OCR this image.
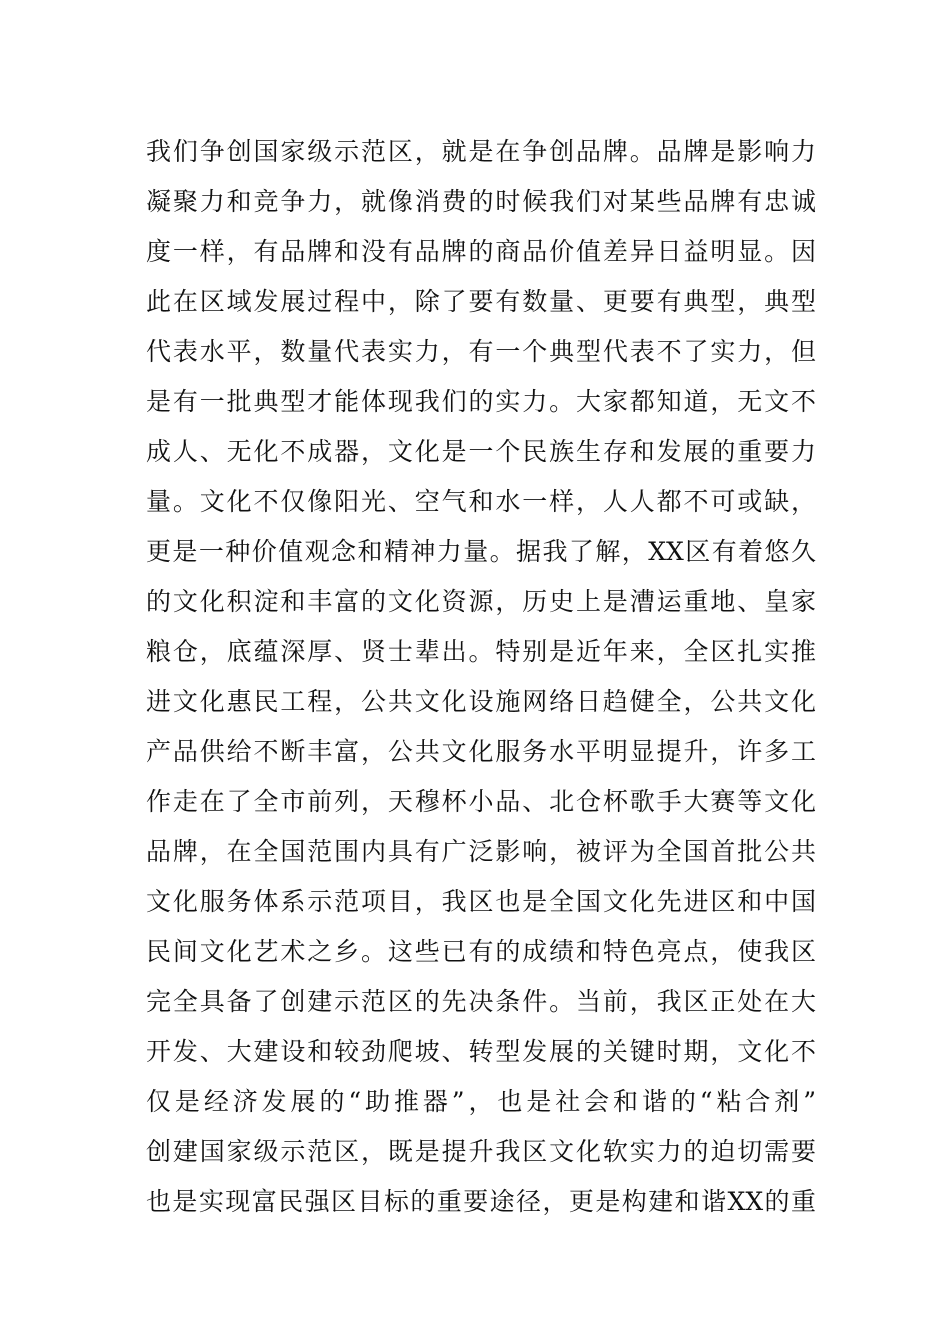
我们争创国家级示范区，就是在争创品牌。品牌是影响力
凝聚力和竞争力，就像消费的时候我们对某些品牌有忠诚
度一样，有品牌和没有品牌的商品价值差异日益明显。因
此在区域发展过程中，除了要有数量、更要有典型，典型
代表水平，数量代表实力，有一个典型代表不了实力，但
是有一批典型才能体现我们的实力。大家都知道，无文不
成人、无化不成器，文化是一个民族生存和发展的重要力
量。文化不仅像阳光、空气和水一样，人人都不可或缺，
更是一种价值观念和精神力量。据我了解，XX区有着悠久
的文化积淀和丰富的文化资源，历史上是漕运重地、皇家
粮仓，底蕴深厚、贤士辈出。特别是近年来，全区扎实推
进文化惠民工程，公共文化设施网络日趋健全，公共文化
产品供给不断丰富，公共文化服务水平明显提升，许多工
作走在了全市前列，天穆杯小品、北仓杯歌手大赛等文化
品牌，在全国范围内具有广泛影响，被评为全国首批公共
文化服务体系示范项目，我区也是全国文化先进区和中国
民间文化艺术之乡。这些已有的成绩和特色亮点，使我区
完全具备了创建示范区的先决条件。当前，我区正处在大
开发、大建设和较劲爬坡、转型发展的关键时期，文化不
仅是经济发展的“助推器”，也是社会和谐的“粘合剂”
创建国家级示范区，既是提升我区文化软实力的迫切需要
也是实现富民强区目标的重要途径，更是构建和谐XX的重
